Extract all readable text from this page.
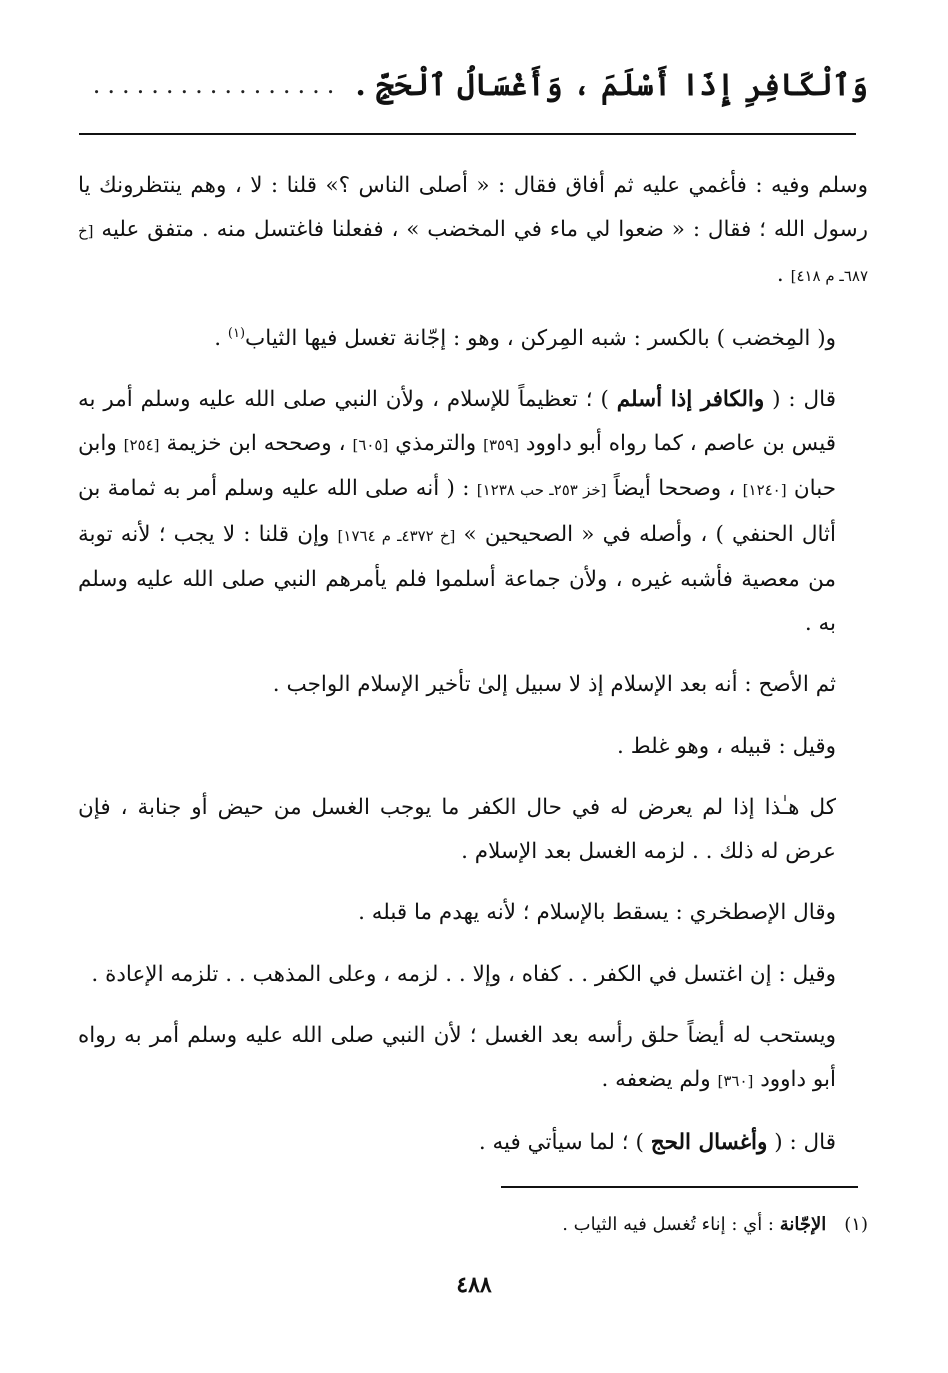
وَٱلْكَافِرِ إِذَا أَسْلَمَ ، وَأَغْسَالُ ٱلْحَجِّ .
.................

وسلم وفيه : فأغمي عليه ثم أفاق فقال : « أصلى الناس ؟» قلنا : لا ، وهم ينتظرونك يا رسول الله ؛ فقال : « ضعوا لي ماء في المخضب » ، ففعلنا فاغتسل منه . متفق عليه [خ ٦٨٧ـ م ٤١٨] .

و( المِخضب ) بالكسر : شبه المِركن ، وهو : إجّانة تغسل فيها الثياب$^{(١)}$ .

قال : ( والكافر إذا أسلم ) ؛ تعظيماً للإسلام ، ولأن النبي صلى الله عليه وسلم أمر به قيس بن عاصم ، كما رواه أبو داوود [٣٥٩] والترمذي [٦٠٥] ، وصححه ابن خزيمة [٢٥٤] وابن حبان [١٢٤٠] ، وصححا أيضاً [خز ٢٥٣ـ حب ١٢٣٨] : ( أنه صلى الله عليه وسلم أمر به ثمامة بن أثال الحنفي ) ، وأصله في « الصحيحين » [خ ٤٣٧٢ـ م ١٧٦٤] وإن قلنا : لا يجب ؛ لأنه توبة من معصية فأشبه غيره ، ولأن جماعة أسلموا فلم يأمرهم النبي صلى الله عليه وسلم به .

ثم الأصح : أنه بعد الإسلام إذ لا سبيل إلىٰ تأخير الإسلام الواجب .

وقيل : قبيله ، وهو غلط .

كل هـٰذا إذا لم يعرض له في حال الكفر ما يوجب الغسل من حيض أو جنابة ، فإن عرض له ذلك . . لزمه الغسل بعد الإسلام .

وقال الإصطخري : يسقط بالإسلام ؛ لأنه يهدم ما قبله .

وقيل : إن اغتسل في الكفر . . كفاه ، وإلا . . لزمه ، وعلى المذهب . . تلزمه الإعادة .

ويستحب له أيضاً حلق رأسه بعد الغسل ؛ لأن النبي صلى الله عليه وسلم أمر به رواه أبو داوود [٣٦٠] ولم يضعفه .

قال : ( وأغسال الحج ) ؛ لما سيأتي فيه .

(١)الإجّانة : أي : إناء تُغسل فيه الثياب .
٤٨٨
